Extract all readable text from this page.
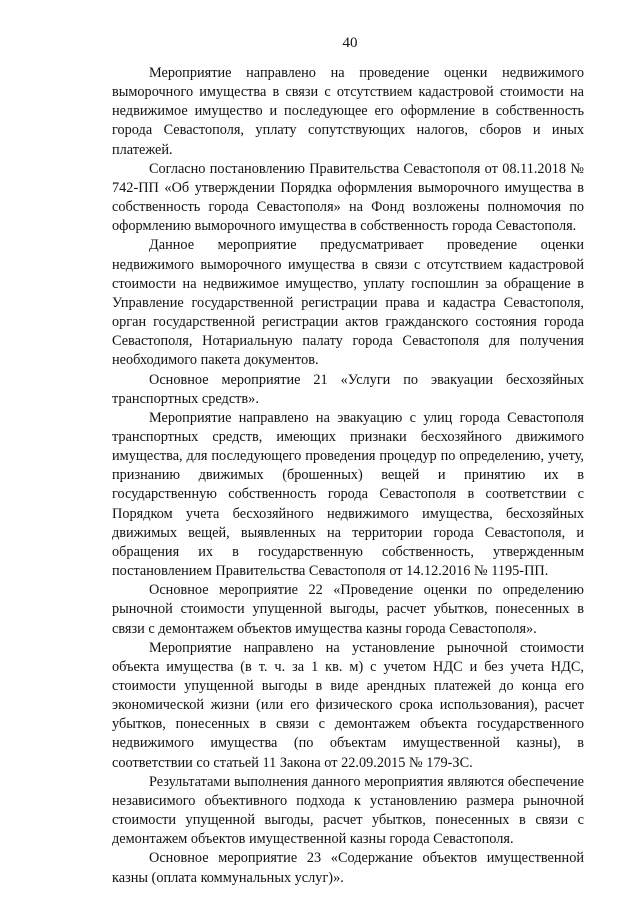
40

Мероприятие направлено на проведение оценки недвижимого выморочного имущества в связи с отсутствием кадастровой стоимости на недвижимое имущество и последующее его оформление в собственность города Севастополя, уплату сопутствующих налогов, сборов и иных платежей.

Согласно постановлению Правительства Севастополя от 08.11.2018 № 742-ПП «Об утверждении Порядка оформления выморочного имущества в собственность города Севастополя» на Фонд возложены полномочия по оформлению выморочного имущества в собственность города Севастополя.

Данное мероприятие предусматривает проведение оценки недвижимого выморочного имущества в связи с отсутствием кадастровой стоимости на недвижимое имущество, уплату госпошлин за обращение в Управление государственной регистрации права и кадастра Севастополя, орган государственной регистрации актов гражданского состояния города Севастополя, Нотариальную палату города Севастополя для получения необходимого пакета документов.

Основное мероприятие 21 «Услуги по эвакуации бесхозяйных транспортных средств».

Мероприятие направлено на эвакуацию с улиц города Севастополя транспортных средств, имеющих признаки бесхозяйного движимого имущества, для последующего проведения процедур по определению, учету, признанию движимых (брошенных) вещей и принятию их в государственную собственность города Севастополя в соответствии с Порядком учета бесхозяйного недвижимого имущества, бесхозяйных движимых вещей, выявленных на территории города Севастополя, и обращения их в государственную собственность, утвержденным постановлением Правительства Севастополя от 14.12.2016 № 1195-ПП.

Основное мероприятие 22 «Проведение оценки по определению рыночной стоимости упущенной выгоды, расчет убытков, понесенных в связи с демонтажем объектов имущества казны города Севастополя».

Мероприятие направлено на установление рыночной стоимости объекта имущества (в т. ч. за 1 кв. м) с учетом НДС и без учета НДС, стоимости упущенной выгоды в виде арендных платежей до конца его экономической жизни (или его физического срока использования), расчет убытков, понесенных в связи с демонтажем объекта государственного недвижимого имущества (по объектам имущественной казны), в соответствии со статьей 11 Закона от 22.09.2015 № 179-ЗС.

Результатами выполнения данного мероприятия являются обеспечение независимого объективного подхода к установлению размера рыночной стоимости упущенной выгоды, расчет убытков, понесенных в связи с демонтажем объектов имущественной казны города Севастополя.

Основное мероприятие 23 «Содержание объектов имущественной казны (оплата коммунальных услуг)».
